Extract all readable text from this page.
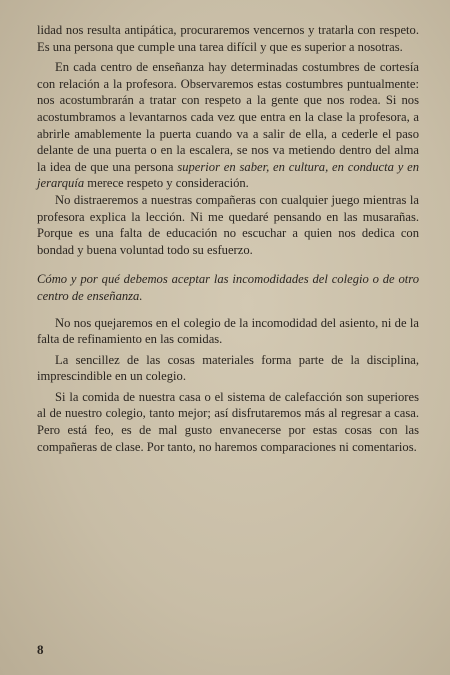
lidad nos resulta antipática, procuraremos vencernos y tratarla con respeto. Es una persona que cumple una tarea difícil y que es superior a nosotras.

En cada centro de enseñanza hay determinadas costumbres de cortesía con relación a la profesora. Observaremos estas costumbres puntualmente: nos acostumbrarán a tratar con respeto a la gente que nos rodea. Si nos acostumbramos a levantarnos cada vez que entra en la clase la profesora, a abrirle amablemente la puerta cuando va a salir de ella, a cederle el paso delante de una puerta o en la escalera, se nos va metiendo dentro del alma la idea de que una persona superior en saber, en cultura, en conducta y en jerarquía merece respeto y consideración.

No distraeremos a nuestras compañeras con cualquier juego mientras la profesora explica la lección. Ni me quedaré pensando en las musarañas. Porque es una falta de educación no escuchar a quien nos dedica con bondad y buena voluntad todo su esfuerzo.

Cómo y por qué debemos aceptar las incomodidades del colegio o de otro centro de enseñanza.

No nos quejaremos en el colegio de la incomodidad del asiento, ni de la falta de refinamiento en las comidas.

La sencillez de las cosas materiales forma parte de la disciplina, imprescindible en un colegio.

Si la comida de nuestra casa o el sistema de calefacción son superiores al de nuestro colegio, tanto mejor; así disfrutaremos más al regresar a casa. Pero está feo, es de mal gusto envanecerse por estas cosas con las compañeras de clase. Por tanto, no haremos comparaciones ni comentarios.

8
